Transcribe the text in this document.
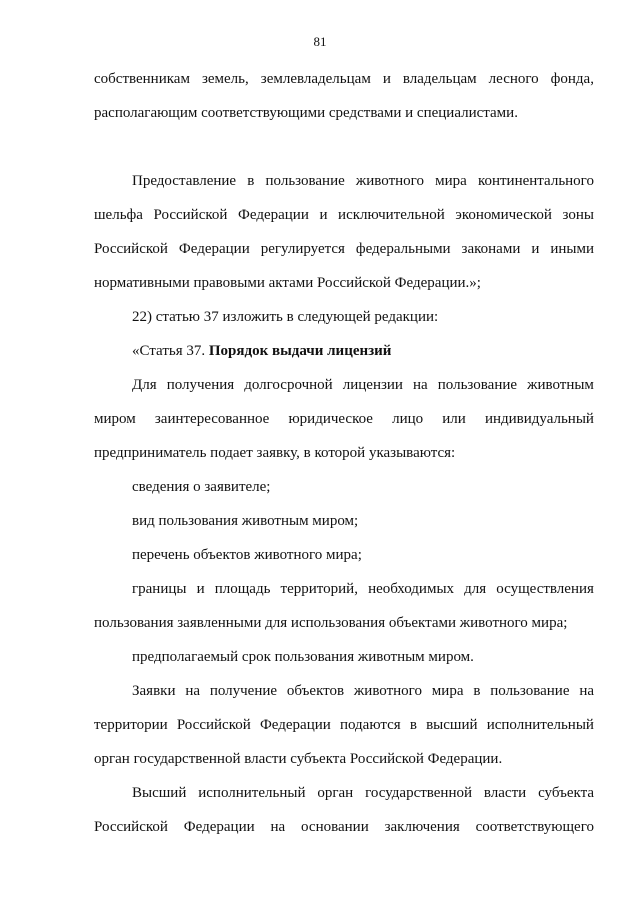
81
собственникам земель, землевладельцам и владельцам лесного фонда,
располагающим соответствующими средствами и специалистами.
Предоставление в пользование животного мира континентального
шельфа Российской Федерации и исключительной экономической зоны
Российской Федерации регулируется федеральными законами и иными
нормативными правовыми актами Российской Федерации.»;
22) статью 37 изложить в следующей редакции:
«Статья 37. Порядок выдачи лицензий
Для получения долгосрочной лицензии на пользование животным
миром заинтересованное юридическое лицо или индивидуальный
предприниматель подает заявку, в которой указываются:
сведения о заявителе;
вид пользования животным миром;
перечень объектов животного мира;
границы и площадь территорий, необходимых для осуществления
пользования заявленными для использования объектами животного мира;
предполагаемый срок пользования животным миром.
Заявки на получение объектов животного мира в пользование на
территории Российской Федерации подаются в высший исполнительный
орган государственной власти субъекта Российской Федерации.
Высший исполнительный орган государственной власти субъекта
Российской Федерации на основании заключения соответствующего
